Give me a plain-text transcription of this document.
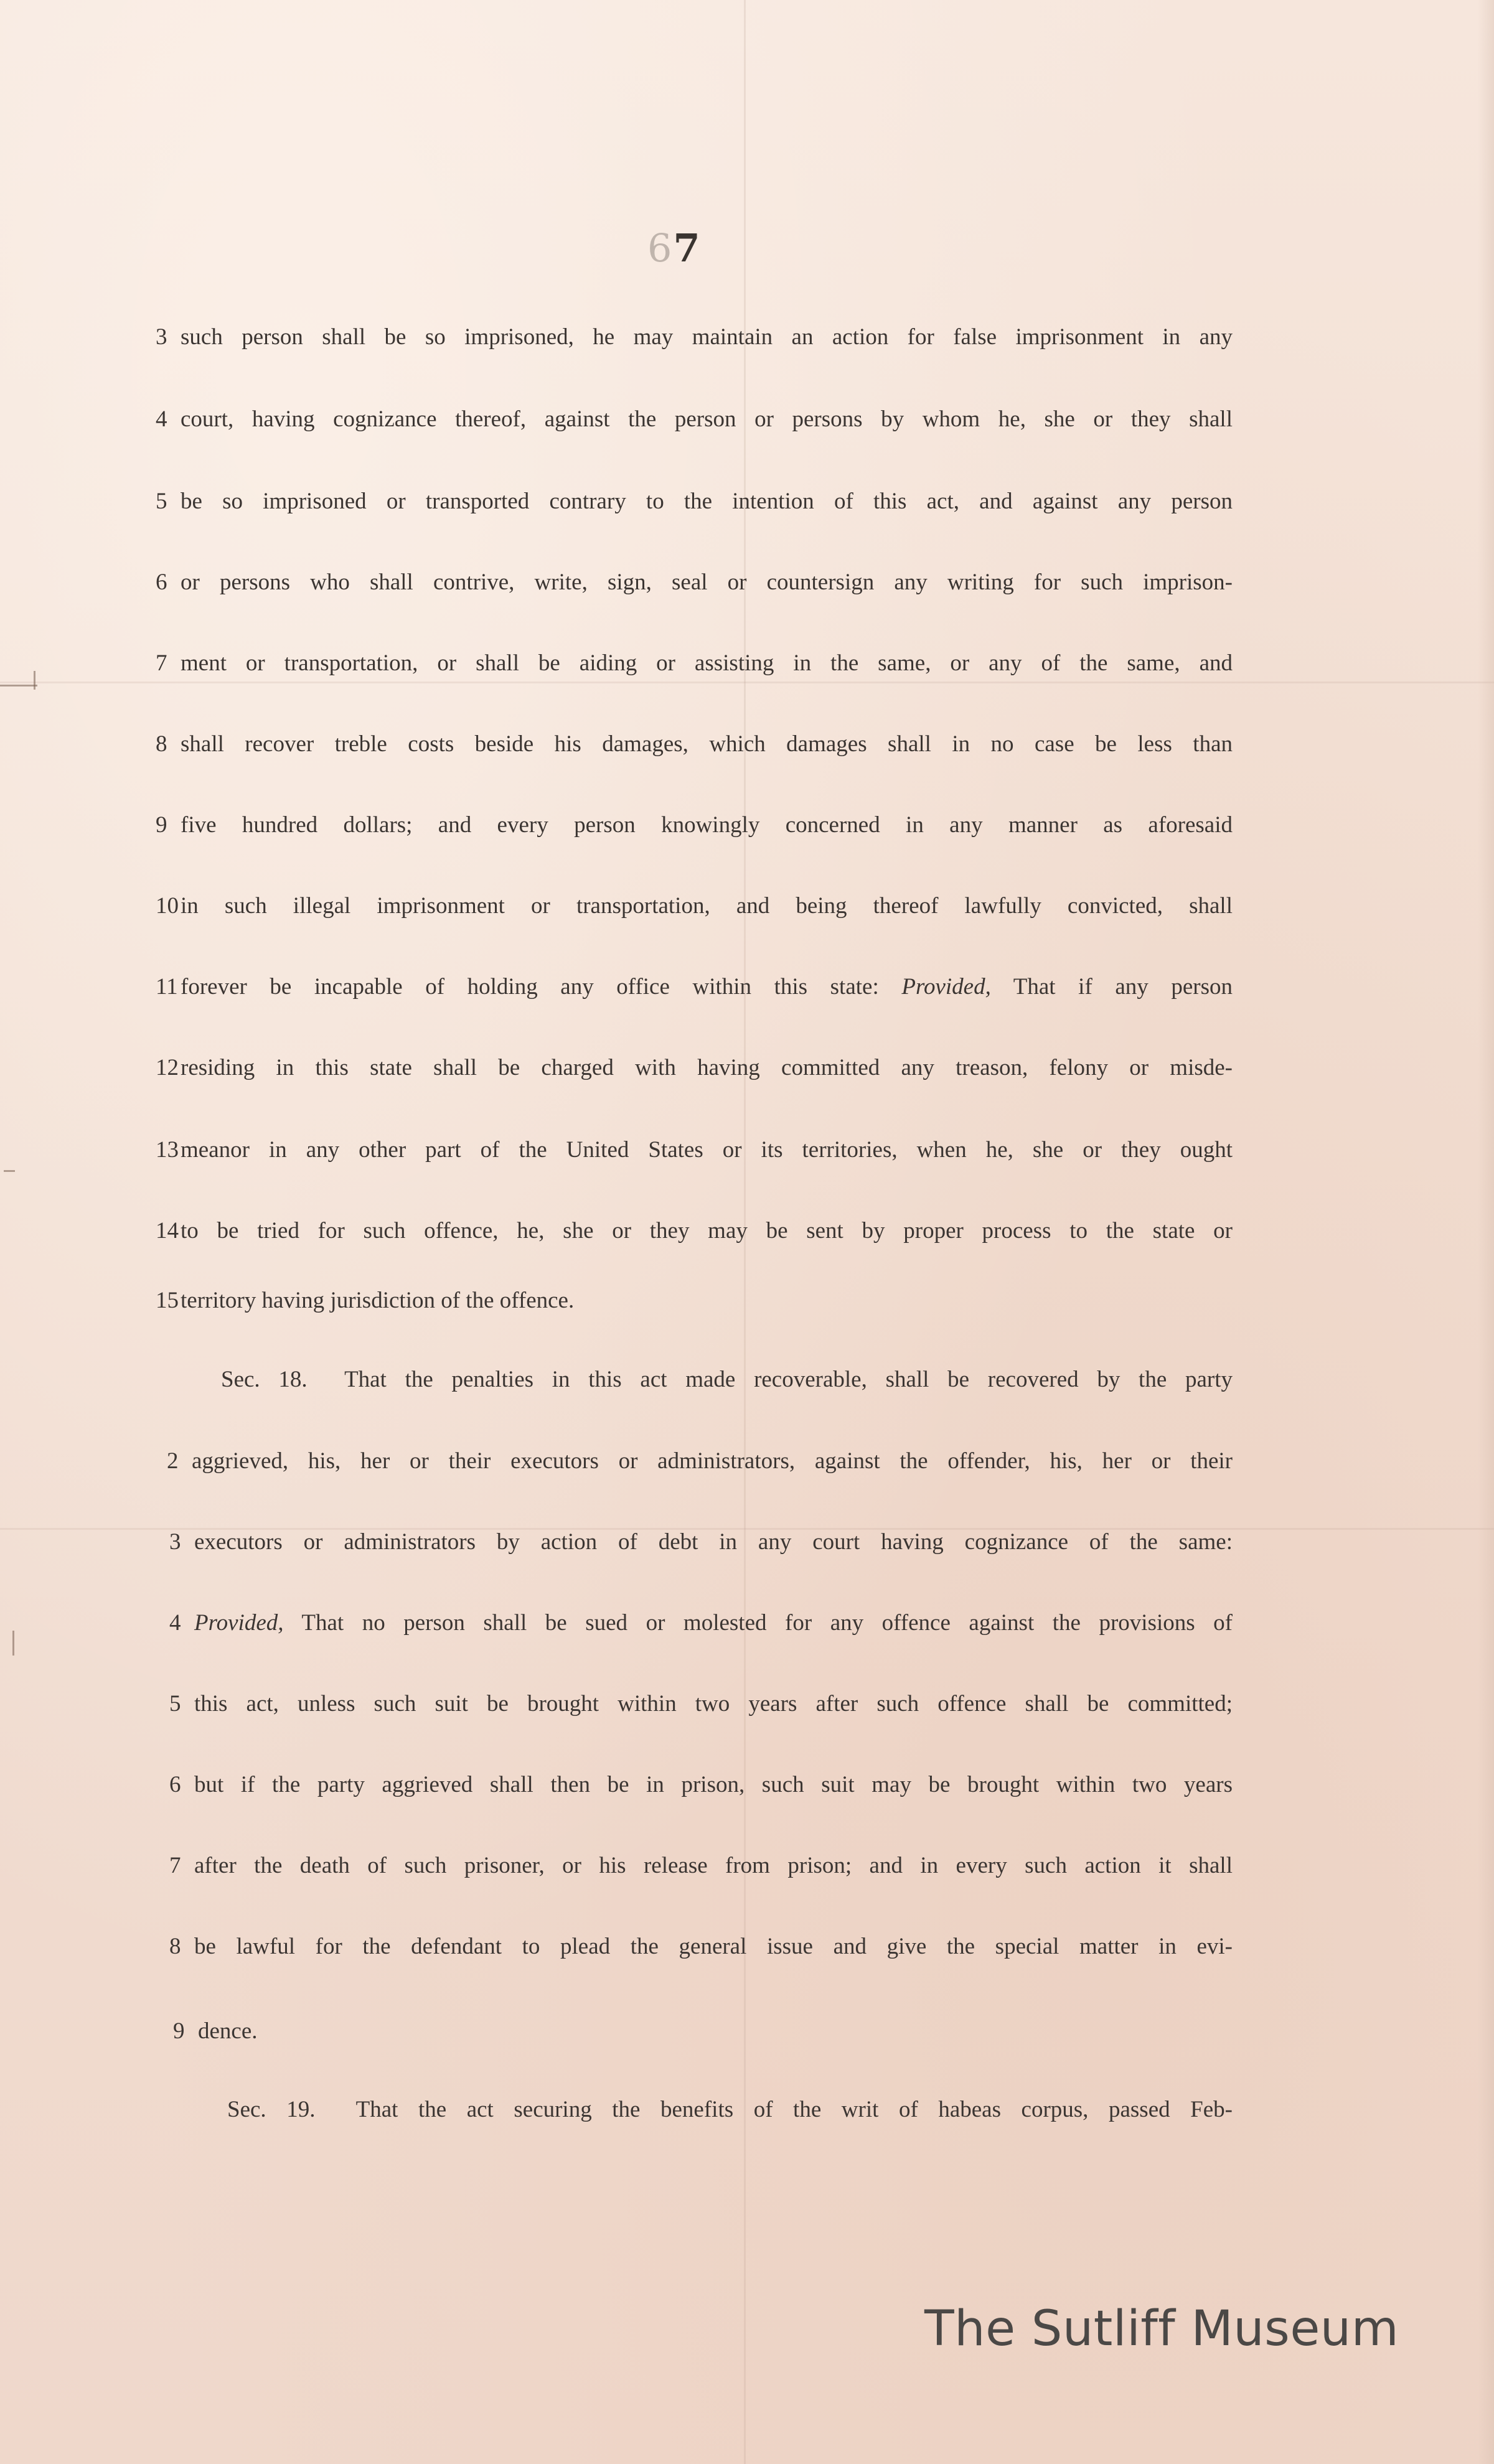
67
3 such person shall be so imprisoned, he may maintain an action for false imprisonment in any
4 court, having cognizance thereof, against the person or persons by whom he, she or they shall
5 be so imprisoned or transported contrary to the intention of this act, and against any person
6 or persons who shall contrive, write, sign, seal or countersign any writing for such imprison-
7 ment or transportation, or shall be aiding or assisting in the same, or any of the same, and
8 shall recover treble costs beside his damages, which damages shall in no case be less than
9 five hundred dollars; and every person knowingly concerned in any manner as aforesaid
10in such illegal imprisonment or transportation, and being thereof lawfully convicted, shall
11 forever be incapable of holding any office within this state: Provided, That if any person
12residing in this state shall be charged with having committed any treason, felony or misde-
13meanor in any other part of the United States or its territories, when he, she or they ought
14to be tried for such offence, he, she or they may be sent by proper process to the state or
15territory having jurisdiction of the offence.
Sec. 18. That the penalties in this act made recoverable, shall be recovered by the party
2 aggrieved, his, her or their executors or administrators, against the offender, his, her or their
3 executors or administrators by action of debt in any court having cognizance of the same:
4 Provided, That no person shall be sued or molested for any offence against the provisions of
5 this act, unless such suit be brought within two years after such offence shall be committed;
6 but if the party aggrieved shall then be in prison, such suit may be brought within two years
7 after the death of such prisoner, or his release from prison; and in every such action it shall
8 be lawful for the defendant to plead the general issue and give the special matter in evi-
9 dence.
Sec. 19. That the act securing the benefits of the writ of habeas corpus, passed Feb-
The Sutliff Museum
